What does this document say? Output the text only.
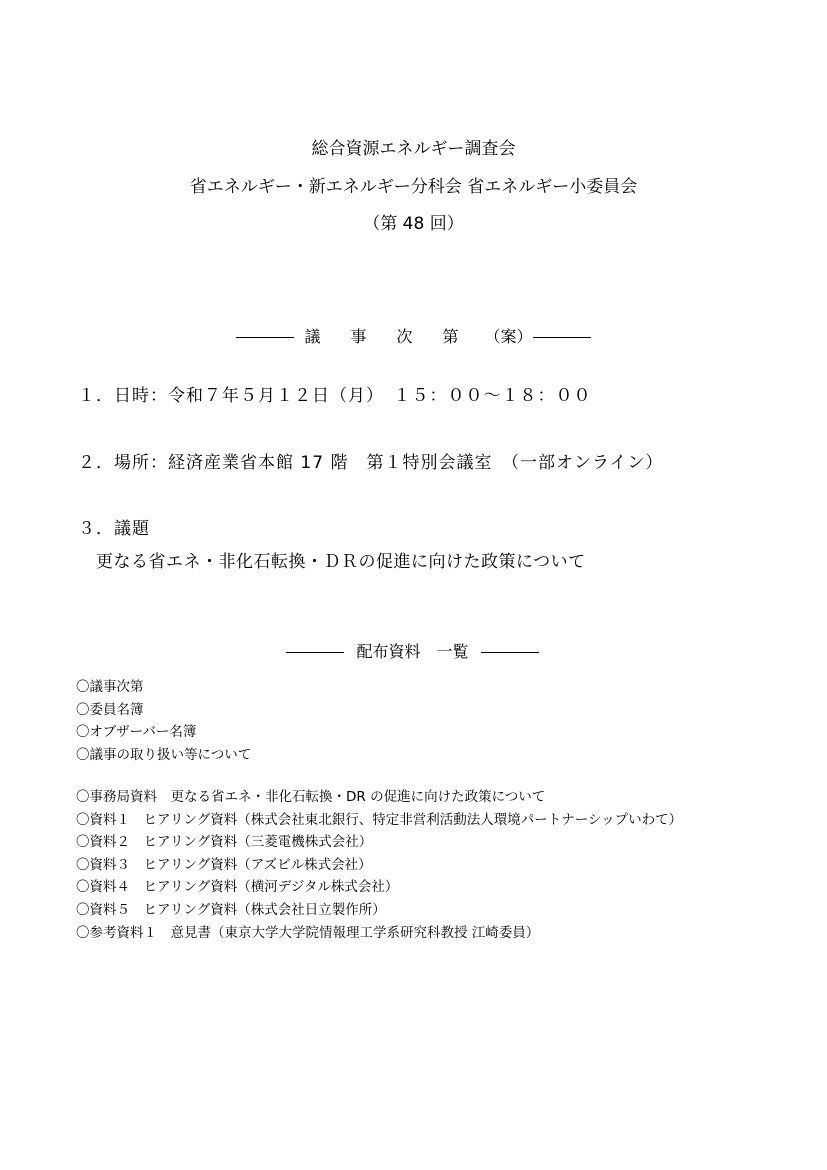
総合資源エネルギー調査会
省エネルギー・新エネルギー分科会 省エネルギー小委員会
（第 48 回）
議 事 次 第 （案）
１．日時：令和７年５月１２日（月）　１５：００～１８：００
２．場所：経済産業省本館 17 階　第１特別会議室　（一部オンライン）
３．議題
更なる省エネ・非化石転換・ＤＲの促進に向けた政策について
配布資料　一覧
〇議事次第
〇委員名簿
〇オブザーバー名簿
〇議事の取り扱い等について
〇事務局資料　更なる省エネ・非化石転換・DR の促進に向けた政策について
〇資料１　ヒアリング資料（株式会社東北銀行、特定非営利活動法人環境パートナーシップいわて）
〇資料２　ヒアリング資料（三菱電機株式会社）
〇資料３　ヒアリング資料（アズビル株式会社）
〇資料４　ヒアリング資料（横河デジタル株式会社）
〇資料５　ヒアリング資料（株式会社日立製作所）
〇参考資料１　意見書（東京大学大学院情報理工学系研究科教授 江崎委員）
